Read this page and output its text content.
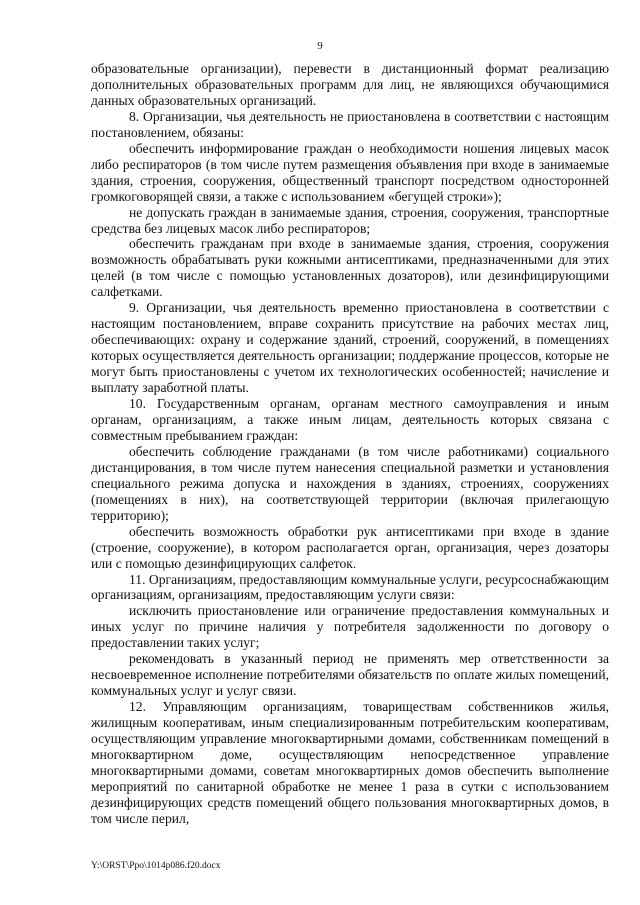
9

образовательные организации), перевести в дистанционный формат реализацию дополнительных образовательных программ для лиц, не являющихся обучающимися данных образовательных организаций.

8. Организации, чья деятельность не приостановлена в соответствии с настоящим постановлением, обязаны:

обеспечить информирование граждан о необходимости ношения лицевых масок либо респираторов (в том числе путем размещения объявления при входе в занимаемые здания, строения, сооружения, общественный транспорт посредством односторонней громкоговорящей связи, а также с использованием «бегущей строки»);

не допускать граждан в занимаемые здания, строения, сооружения, транспортные средства без лицевых масок либо респираторов;

обеспечить гражданам при входе в занимаемые здания, строения, сооружения возможность обрабатывать руки кожными антисептиками, предназначенными для этих целей (в том числе с помощью установленных дозаторов), или дезинфицирующими салфетками.

9. Организации, чья деятельность временно приостановлена в соответствии с настоящим постановлением, вправе сохранить присутствие на рабочих местах лиц, обеспечивающих: охрану и содержание зданий, строений, сооружений, в помещениях которых осуществляется деятельность организации; поддержание процессов, которые не могут быть приостановлены с учетом их технологических особенностей; начисление и выплату заработной платы.

10. Государственным органам, органам местного самоуправления и иным органам, организациям, а также иным лицам, деятельность которых связана с совместным пребыванием граждан:

обеспечить соблюдение гражданами (в том числе работниками) социального дистанцирования, в том числе путем нанесения специальной разметки и установления специального режима допуска и нахождения в зданиях, строениях, сооружениях (помещениях в них), на соответствующей территории (включая прилегающую территорию);

обеспечить возможность обработки рук антисептиками при входе в здание (строение, сооружение), в котором располагается орган, организация, через дозаторы или с помощью дезинфицирующих салфеток.

11. Организациям, предоставляющим коммунальные услуги, ресурсоснабжающим организациям, организациям, предоставляющим услуги связи:

исключить приостановление или ограничение предоставления коммунальных и иных услуг по причине наличия у потребителя задолженности по договору о предоставлении таких услуг;

рекомендовать в указанный период не применять мер ответственности за несвоевременное исполнение потребителями обязательств по оплате жилых помещений, коммунальных услуг и услуг связи.

12. Управляющим организациям, товариществам собственников жилья, жилищным кооперативам, иным специализированным потребительским кооперативам, осуществляющим управление многоквартирными домами, собственникам помещений в многоквартирном доме, осуществляющим непосредственное управление многоквартирными домами, советам многоквартирных домов обеспечить выполнение мероприятий по санитарной обработке не менее 1 раза в сутки с использованием дезинфицирующих средств помещений общего пользования многоквартирных домов, в том числе перил,

Y:\ORST\Ppo\1014p086.f20.docx
